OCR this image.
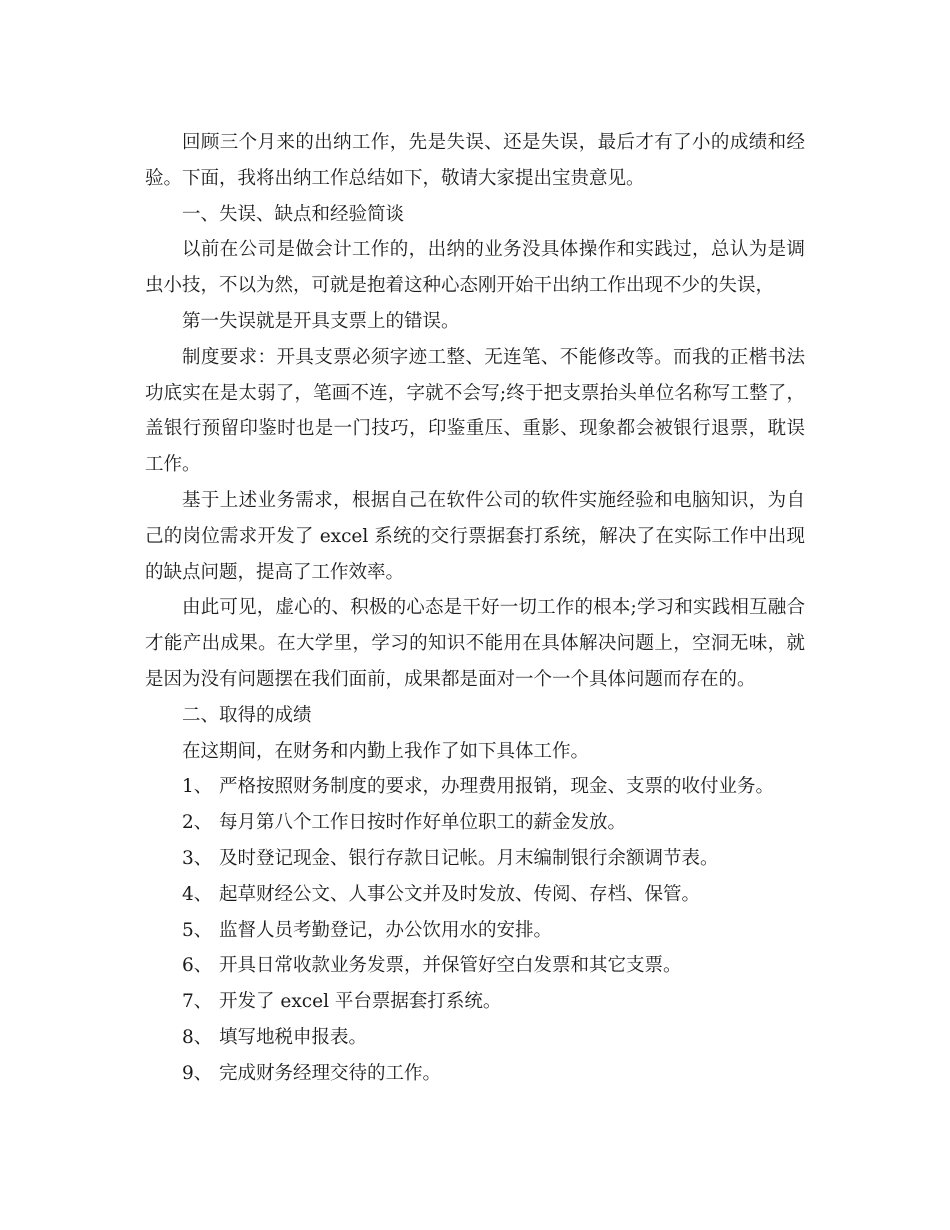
回顾三个月来的出纳工作，先是失误、还是失误，最后才有了小的成绩和经验。下面，我将出纳工作总结如下，敬请大家提出宝贵意见。

一、失误、缺点和经验简谈

以前在公司是做会计工作的，出纳的业务没具体操作和实践过，总认为是调虫小技，不以为然，可就是抱着这种心态刚开始干出纳工作出现不少的失误，

第一失误就是开具支票上的错误。

制度要求：开具支票必须字迹工整、无连笔、不能修改等。而我的正楷书法功底实在是太弱了，笔画不连，字就不会写;终于把支票抬头单位名称写工整了，盖银行预留印鉴时也是一门技巧，印鉴重压、重影、现象都会被银行退票，耽误工作。

基于上述业务需求，根据自己在软件公司的软件实施经验和电脑知识，为自己的岗位需求开发了 excel 系统的交行票据套打系统，解决了在实际工作中出现的缺点问题，提高了工作效率。

由此可见，虚心的、积极的心态是干好一切工作的根本;学习和实践相互融合才能产出成果。在大学里，学习的知识不能用在具体解决问题上，空洞无味，就是因为没有问题摆在我们面前，成果都是面对一个一个具体问题而存在的。

二、取得的成绩

在这期间，在财务和内勤上我作了如下具体工作。

1、 严格按照财务制度的要求，办理费用报销，现金、支票的收付业务。
2、 每月第八个工作日按时作好单位职工的薪金发放。
3、 及时登记现金、银行存款日记帐。月末编制银行余额调节表。
4、 起草财经公文、人事公文并及时发放、传阅、存档、保管。
5、 监督人员考勤登记，办公饮用水的安排。
6、 开具日常收款业务发票，并保管好空白发票和其它支票。
7、 开发了 excel 平台票据套打系统。
8、 填写地税申报表。
9、 完成财务经理交待的工作。
